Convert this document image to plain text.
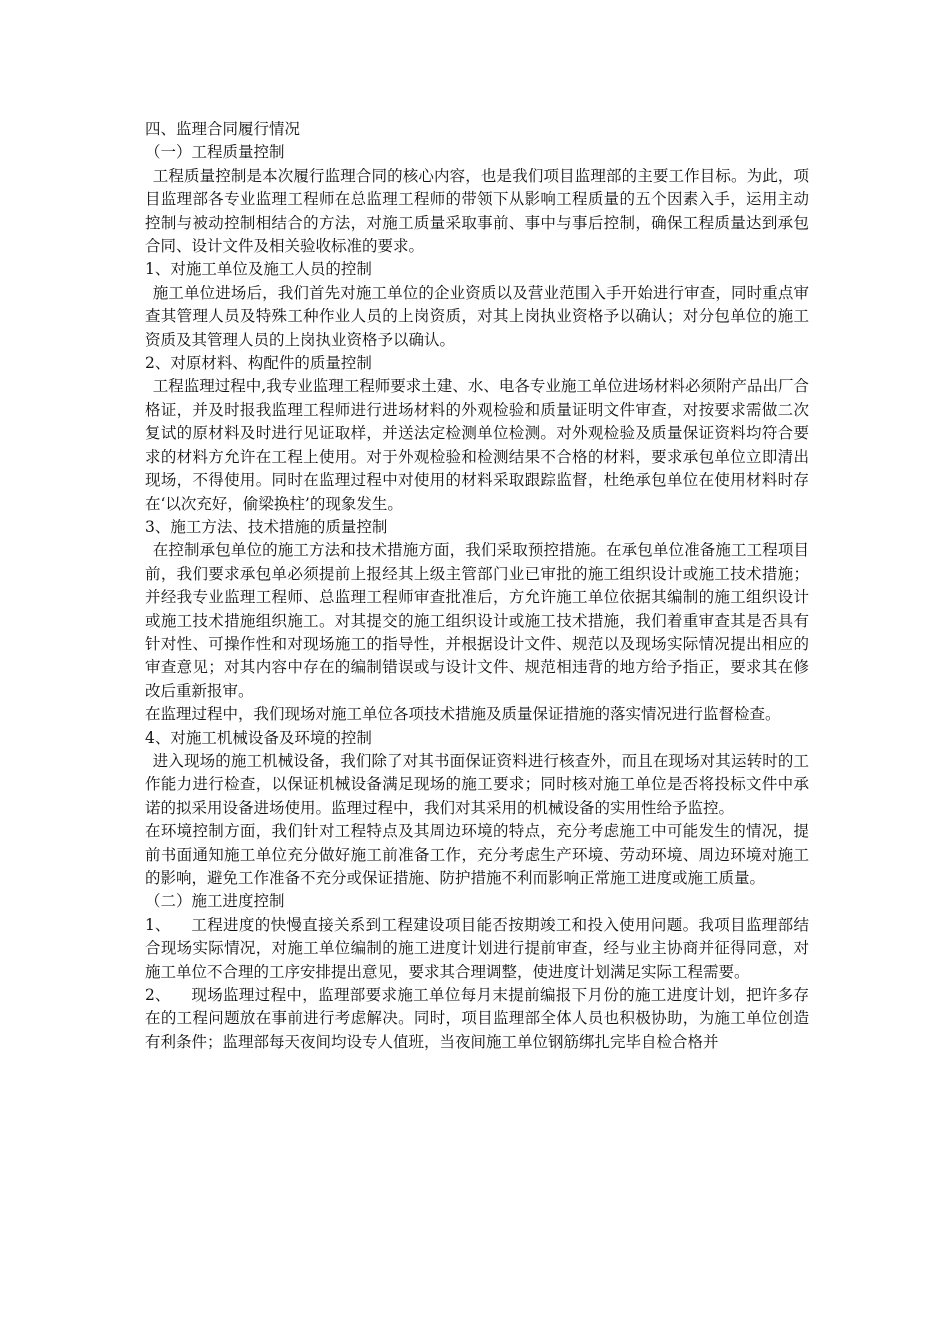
四、监理合同履行情况

（一）工程质量控制

工程质量控制是本次履行监理合同的核心内容，也是我们项目监理部的主要工作目标。为此，项目监理部各专业监理工程师在总监理工程师的带领下从影响工程质量的五个因素入手，运用主动控制与被动控制相结合的方法，对施工质量采取事前、事中与事后控制，确保工程质量达到承包合同、设计文件及相关验收标准的要求。

1、对施工单位及施工人员的控制

施工单位进场后，我们首先对施工单位的企业资质以及营业范围入手开始进行审查，同时重点审查其管理人员及特殊工种作业人员的上岗资质，对其上岗执业资格予以确认；对分包单位的施工资质及其管理人员的上岗执业资格予以确认。

2、对原材料、构配件的质量控制

工程监理过程中,我专业监理工程师要求土建、水、电各专业施工单位进场材料必须附产品出厂合格证，并及时报我监理工程师进行进场材料的外观检验和质量证明文件审查，对按要求需做二次复试的原材料及时进行见证取样，并送法定检测单位检测。对外观检验及质量保证资料均符合要求的材料方允许在工程上使用。对于外观检验和检测结果不合格的材料，要求承包单位立即清出现场，不得使用。同时在监理过程中对使用的材料采取跟踪监督，杜绝承包单位在使用材料时存在‘以次充好，偷梁换柱’的现象发生。

3、施工方法、技术措施的质量控制

在控制承包单位的施工方法和技术措施方面，我们采取预控措施。在承包单位准备施工工程项目前，我们要求承包单必须提前上报经其上级主管部门业已审批的施工组织设计或施工技术措施；并经我专业监理工程师、总监理工程师审查批准后，方允许施工单位依据其编制的施工组织设计或施工技术措施组织施工。对其提交的施工组织设计或施工技术措施，我们着重审查其是否具有针对性、可操作性和对现场施工的指导性，并根据设计文件、规范以及现场实际情况提出相应的审查意见；对其内容中存在的编制错误或与设计文件、规范相违背的地方给予指正，要求其在修改后重新报审。

在监理过程中，我们现场对施工单位各项技术措施及质量保证措施的落实情况进行监督检查。

4、对施工机械设备及环境的控制

进入现场的施工机械设备，我们除了对其书面保证资料进行核查外，而且在现场对其运转时的工作能力进行检查，以保证机械设备满足现场的施工要求；同时核对施工单位是否将投标文件中承诺的拟采用设备进场使用。监理过程中，我们对其采用的机械设备的实用性给予监控。

在环境控制方面，我们针对工程特点及其周边环境的特点，充分考虑施工中可能发生的情况，提前书面通知施工单位充分做好施工前准备工作，充分考虑生产环境、劳动环境、周边环境对施工的影响，避免工作准备不充分或保证措施、防护措施不利而影响正常施工进度或施工质量。

（二）施工进度控制

1、 工程进度的快慢直接关系到工程建设项目能否按期竣工和投入使用问题。我项目监理部结合现场实际情况，对施工单位编制的施工进度计划进行提前审查，经与业主协商并征得同意，对施工单位不合理的工序安排提出意见，要求其合理调整，使进度计划满足实际工程需要。

2、 现场监理过程中，监理部要求施工单位每月末提前编报下月份的施工进度计划，把许多存在的工程问题放在事前进行考虑解决。同时，项目监理部全体人员也积极协助，为施工单位创造有利条件；监理部每天夜间均设专人值班，当夜间施工单位钢筋绑扎完毕自检合格并
